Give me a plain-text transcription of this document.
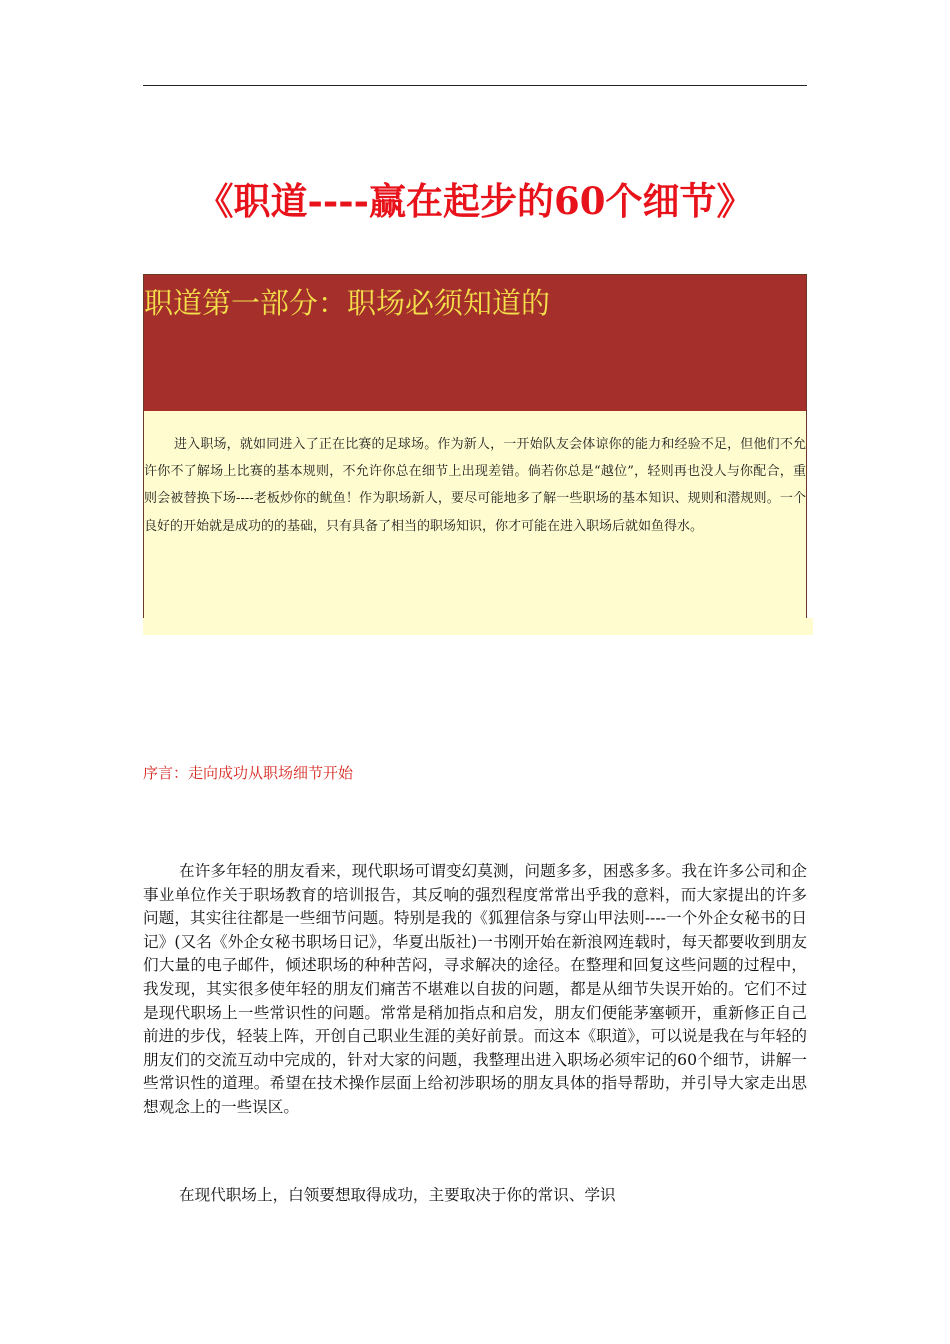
《职道----赢在起步的60个细节》
职道第一部分：职场必须知道的

进入职场，就如同进入了正在比赛的足球场。作为新人，一开始队友会体谅你的能力和经验不足，但他们不允许你不了解场上比赛的基本规则，不允许你总在细节上出现差错。倘若你总是“越位”，轻则再也没人与你配合，重则会被替换下场----老板炒你的鱿鱼！作为职场新人，要尽可能地多了解一些职场的基本知识、规则和潜规则。一个良好的开始就是成功的的基础，只有具备了相当的职场知识，你才可能在进入职场后就如鱼得水。

序言：走向成功从职场细节开始

在许多年轻的朋友看来，现代职场可谓变幻莫测，问题多多，困惑多多。我在许多公司和企事业单位作关于职场教育的培训报告，其反响的强烈程度常常出乎我的意料，而大家提出的许多问题，其实往往都是一些细节问题。特别是我的《狐狸信条与穿山甲法则----一个外企女秘书的日记》(又名《外企女秘书职场日记》，华夏出版社)一书刚开始在新浪网连载时，每天都要收到朋友们大量的电子邮件，倾述职场的种种苦闷，寻求解决的途径。在整理和回复这些问题的过程中，我发现，其实很多使年轻的朋友们痛苦不堪难以自拔的问题，都是从细节失误开始的。它们不过是现代职场上一些常识性的问题。常常是稍加指点和启发，朋友们便能茅塞顿开，重新修正自己前进的步伐，轻装上阵，开创自己职业生涯的美好前景。而这本《职道》，可以说是我在与年轻的朋友们的交流互动中完成的，针对大家的问题，我整理出进入职场必须牢记的60个细节，讲解一些常识性的道理。希望在技术操作层面上给初涉职场的朋友具体的指导帮助，并引导大家走出思想观念上的一些误区。

在现代职场上，白领要想取得成功，主要取决于你的常识、学识
